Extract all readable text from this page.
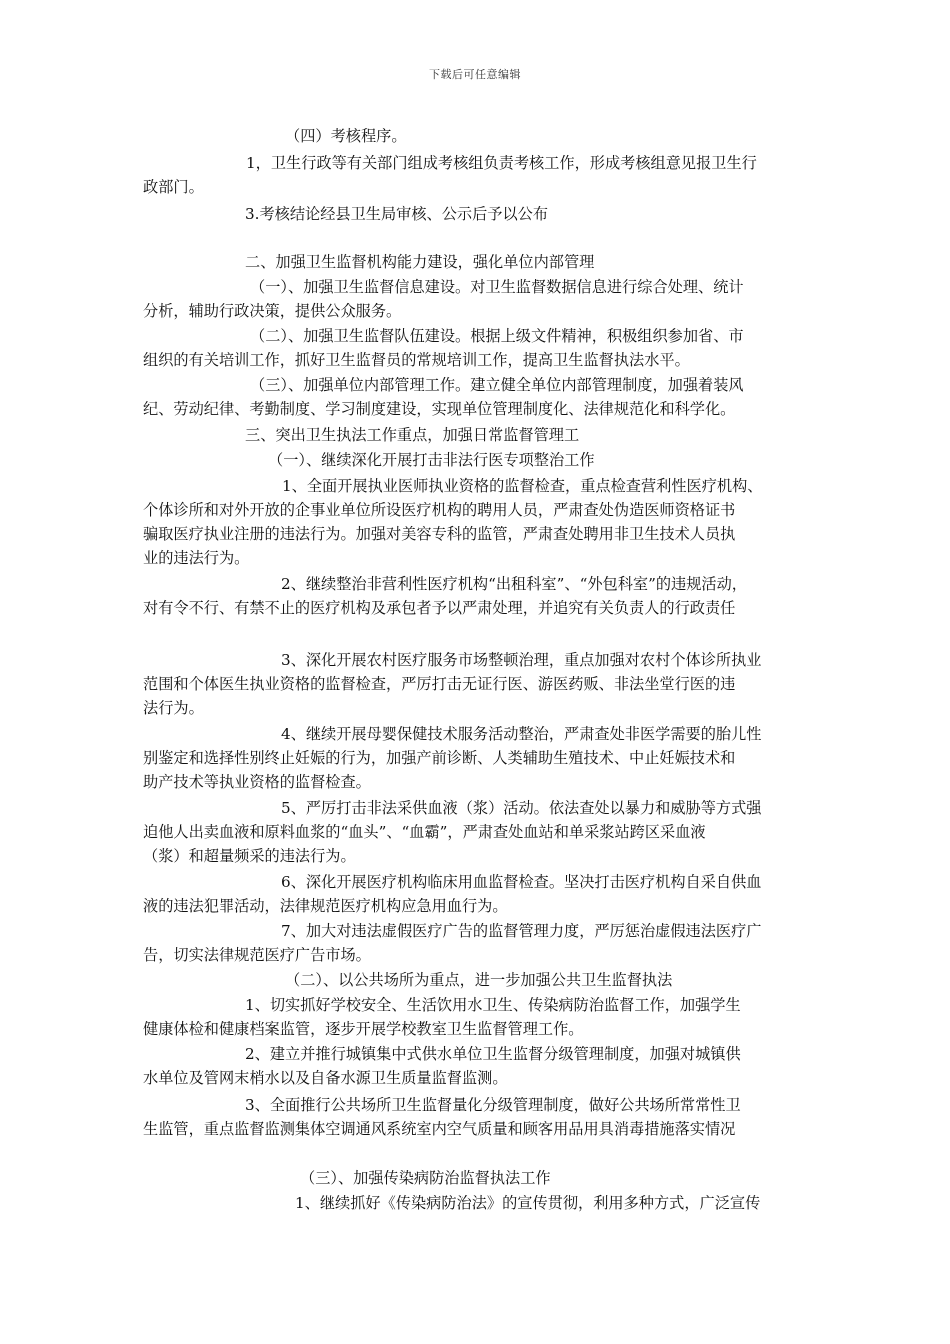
下载后可任意编辑
（四）考核程序。
1，卫生行政等有关部门组成考核组负责考核工作，形成考核组意见报卫生行
政部门。
3.考核结论经县卫生局审核、公示后予以公布
二、加强卫生监督机构能力建设，强化单位内部管理
（一）、加强卫生监督信息建设。对卫生监督数据信息进行综合处理、统计
分析，辅助行政决策，提供公众服务。
（二）、加强卫生监督队伍建设。根据上级文件精神，积极组织参加省、市
组织的有关培训工作，抓好卫生监督员的常规培训工作，提高卫生监督执法水平。
（三）、加强单位内部管理工作。建立健全单位内部管理制度，加强着装风
纪、劳动纪律、考勤制度、学习制度建设，实现单位管理制度化、法律规范化和科学化。
三、突出卫生执法工作重点，加强日常监督管理工
（一）、继续深化开展打击非法行医专项整治工作
1、全面开展执业医师执业资格的监督检查，重点检查营利性医疗机构、
个体诊所和对外开放的企事业单位所设医疗机构的聘用人员，严肃查处伪造医师资格证书
骗取医疗执业注册的违法行为。加强对美容专科的监管，严肃查处聘用非卫生技术人员执
业的违法行为。
2、继续整治非营利性医疗机构“出租科室”、“外包科室”的违规活动，
对有令不行、有禁不止的医疗机构及承包者予以严肃处理，并追究有关负责人的行政责任
3、深化开展农村医疗服务市场整顿治理，重点加强对农村个体诊所执业
范围和个体医生执业资格的监督检查，严厉打击无证行医、游医药贩、非法坐堂行医的违
法行为。
4、继续开展母婴保健技术服务活动整治，严肃查处非医学需要的胎儿性
别鉴定和选择性别终止妊娠的行为，加强产前诊断、人类辅助生殖技术、中止妊娠技术和
助产技术等执业资格的监督检查。
5、严厉打击非法采供血液（浆）活动。依法查处以暴力和威胁等方式强
迫他人出卖血液和原料血浆的“血头”、“血霸”，严肃查处血站和单采浆站跨区采血液
（浆）和超量频采的违法行为。
6、深化开展医疗机构临床用血监督检查。坚决打击医疗机构自采自供血
液的违法犯罪活动，法律规范医疗机构应急用血行为。
7、加大对违法虚假医疗广告的监督管理力度，严厉惩治虚假违法医疗广
告，切实法律规范医疗广告市场。
（二）、以公共场所为重点，进一步加强公共卫生监督执法
1、切实抓好学校安全、生活饮用水卫生、传染病防治监督工作，加强学生
健康体检和健康档案监管，逐步开展学校教室卫生监督管理工作。
2、建立并推行城镇集中式供水单位卫生监督分级管理制度，加强对城镇供
水单位及管网末梢水以及自备水源卫生质量监督监测。
3、全面推行公共场所卫生监督量化分级管理制度，做好公共场所常常性卫
生监管，重点监督监测集体空调通风系统室内空气质量和顾客用品用具消毒措施落实情况
（三）、加强传染病防治监督执法工作
1、继续抓好《传染病防治法》的宣传贯彻，利用多种方式，广泛宣传
